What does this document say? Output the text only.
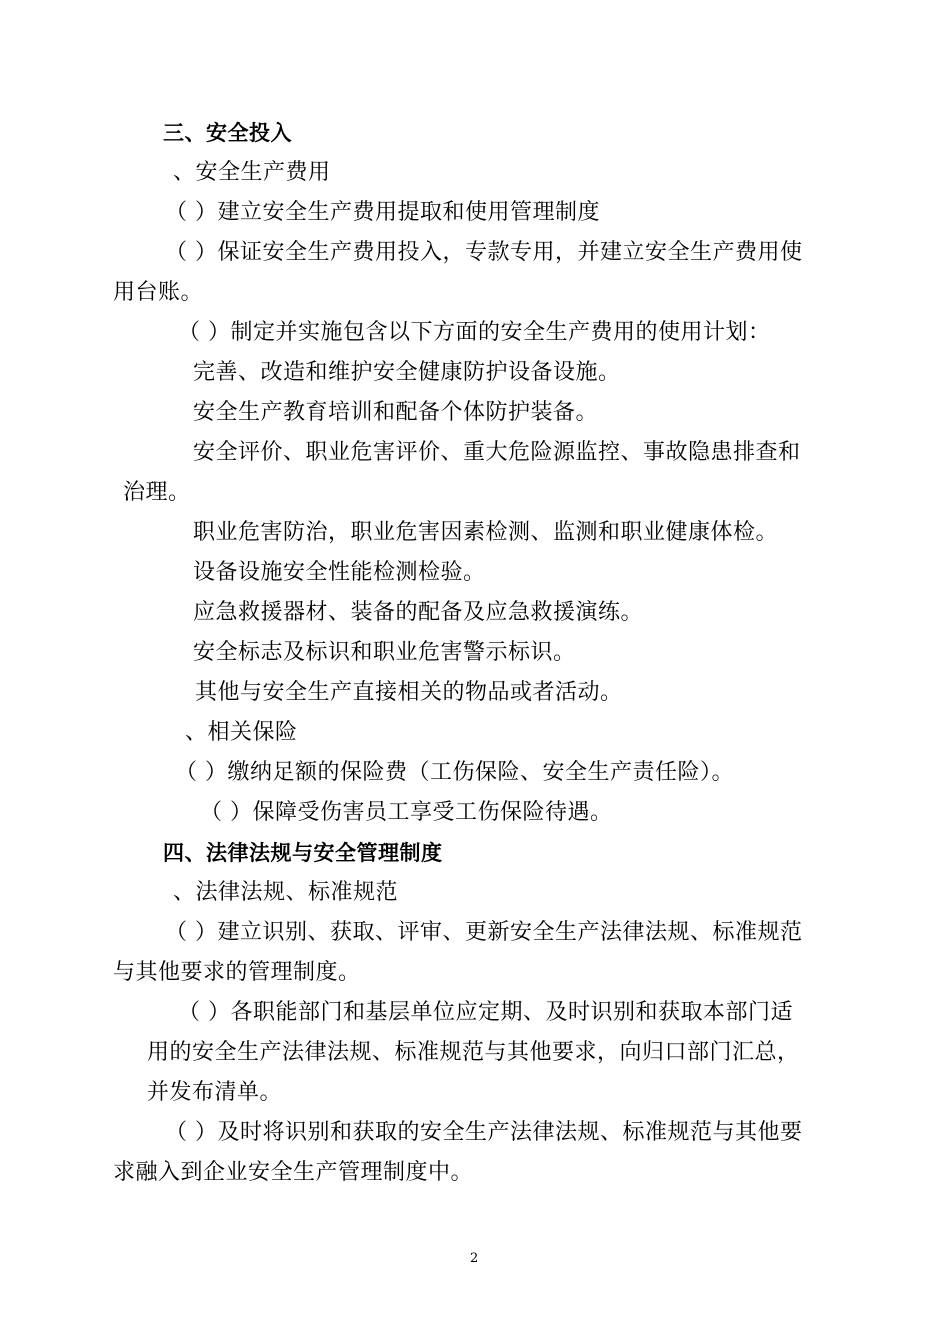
三、安全投入
、安全生产费用
（ ）建立安全生产费用提取和使用管理制度
（ ）保证安全生产费用投入，专款专用，并建立安全生产费用使
用台账。
（ ）制定并实施包含以下方面的安全生产费用的使用计划：
完善、改造和维护安全健康防护设备设施。
安全生产教育培训和配备个体防护装备。
安全评价、职业危害评价、重大危险源监控、事故隐患排查和
治理。
职业危害防治，职业危害因素检测、监测和职业健康体检。
设备设施安全性能检测检验。
应急救援器材、装备的配备及应急救援演练。
安全标志及标识和职业危害警示标识。
其他与安全生产直接相关的物品或者活动。
、相关保险
（ ）缴纳足额的保险费（工伤保险、安全生产责任险）。
（ ）保障受伤害员工享受工伤保险待遇。
四、法律法规与安全管理制度
、法律法规、标准规范
（ ）建立识别、获取、评审、更新安全生产法律法规、标准规范
与其他要求的管理制度。
（ ）各职能部门和基层单位应定期、及时识别和获取本部门适
用的安全生产法律法规、标准规范与其他要求，向归口部门汇总，
并发布清单。
（ ）及时将识别和获取的安全生产法律法规、标准规范与其他要
求融入到企业安全生产管理制度中。
2
